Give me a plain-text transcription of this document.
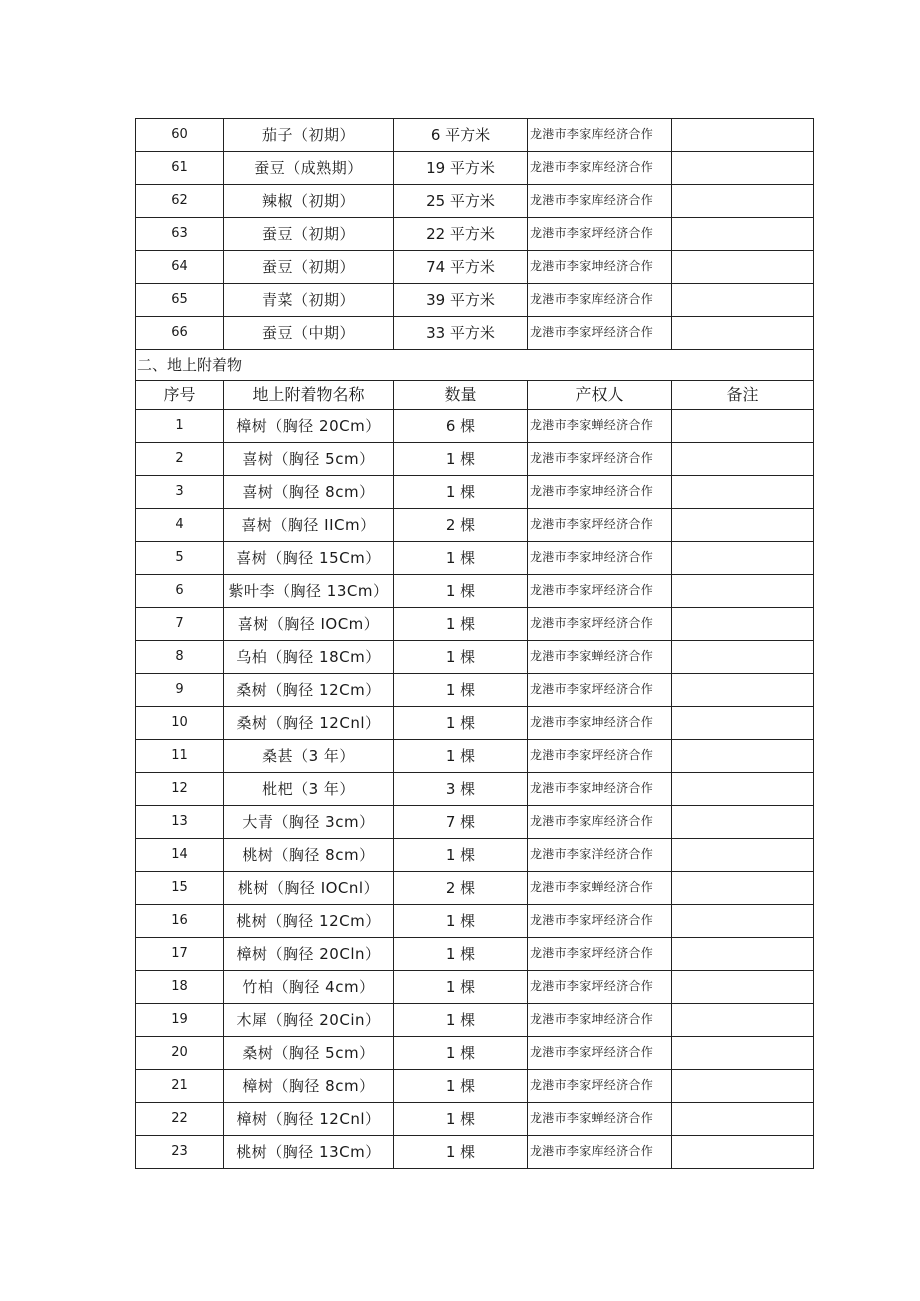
60	茄子（初期）	6 平方米	龙港市李家库经济合作	
61	蚕豆（成熟期）	19 平方米	龙港市李家库经济合作	
62	辣椒（初期）	25 平方米	龙港市李家库经济合作	
63	蚕豆（初期）	22 平方米	龙港市李家坪经济合作	
64	蚕豆（初期）	74 平方米	龙港市李家坤经济合作	
65	青菜（初期）	39 平方米	龙港市李家库经济合作	
66	蚕豆（中期）	33 平方米	龙港市李家坪经济合作	
二、地上附着物				
序号	地上附着物名称	数量	产权人	备注
1	樟树（胸径 20Cm）	6 棵	龙港市李家蝉经济合作	
2	喜树（胸径 5cm）	1 棵	龙港市李家坪经济合作	
3	喜树（胸径 8cm）	1 棵	龙港市李家坤经济合作	
4	喜树（胸径 IICm）	2 棵	龙港市李家坪经济合作	
5	喜树（胸径 15Cm）	1 棵	龙港市李家坤经济合作	
6	紫叶李（胸径 13Cm）	1 棵	龙港市李家坪经济合作	
7	喜树（胸径 IOCm）	1 棵	龙港市李家坪经济合作	
8	乌柏（胸径 18Cm）	1 棵	龙港市李家蝉经济合作	
9	桑树（胸径 12Cm）	1 棵	龙港市李家坪经济合作	
10	桑树（胸径 12Cnl）	1 棵	龙港市李家坤经济合作	
11	桑甚（3 年）	1 棵	龙港市李家坪经济合作	
12	枇杷（3 年）	3 棵	龙港市李家坤经济合作	
13	大青（胸径 3cm）	7 棵	龙港市李家库经济合作	
14	桃树（胸径 8cm）	1 棵	龙港市李家洋经济合作	
15	桃树（胸径 IOCnl）	2 棵	龙港市李家蝉经济合作	
16	桃树（胸径 12Cm）	1 棵	龙港市李家坪经济合作	
17	樟树（胸径 20Cln）	1 棵	龙港市李家坪经济合作	
18	竹柏（胸径 4cm）	1 棵	龙港市李家坪经济合作	
19	木犀（胸径 20Cin）	1 棵	龙港市李家坤经济合作	
20	桑树（胸径 5cm）	1 棵	龙港市李家坪经济合作	
21	樟树（胸径 8cm）	1 棵	龙港市李家坪经济合作	
22	樟树（胸径 12Cnl）	1 棵	龙港市李家蝉经济合作	
23	桃树（胸径 13Cm）	1 棵	龙港市李家库经济合作	
